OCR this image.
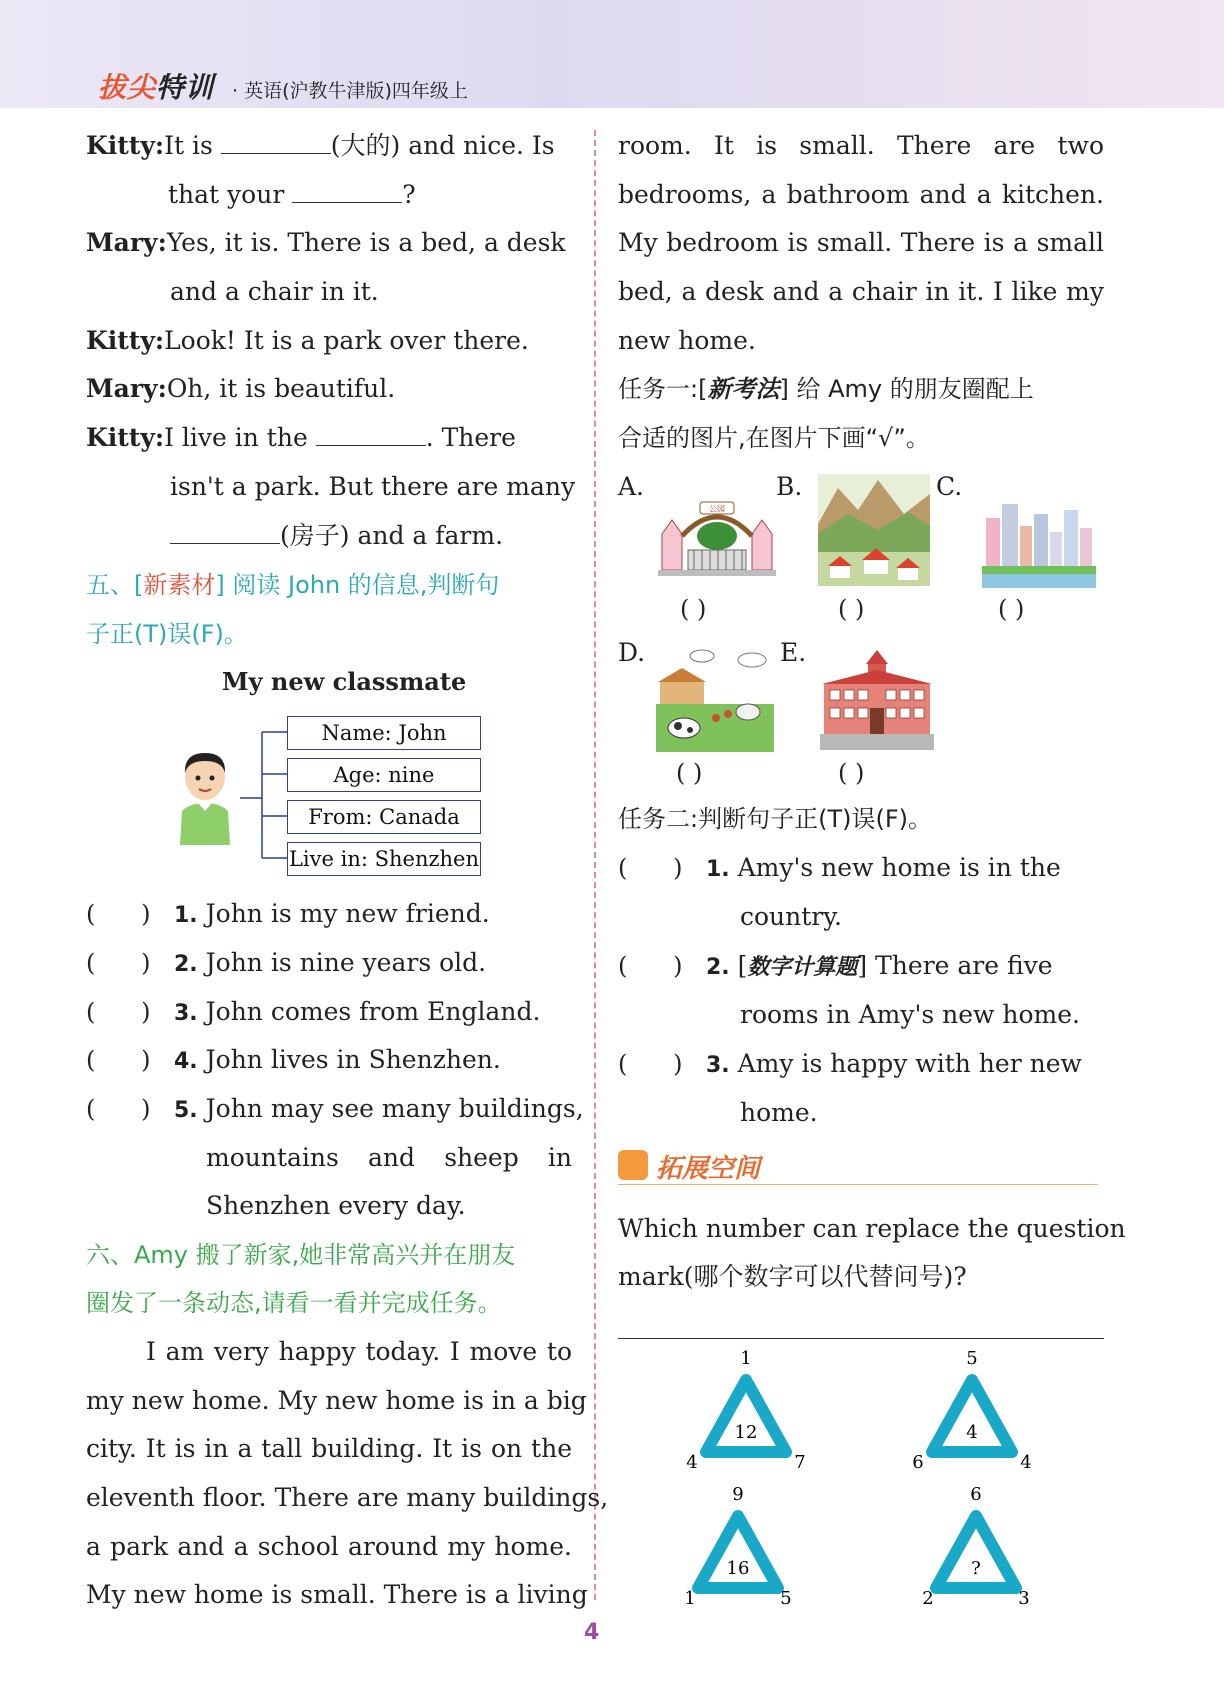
拔尖特训 · 英语(沪教牛津版)四年级上
Kitty:It is	(大的) and nice. Is
that your	?
Mary:Yes, it is. There is a bed, a desk
and a chair in it.
Kitty:Look! It is a park over there.
Mary:Oh, it is beautiful.
Kitty:I live in the	. There
isn't a park. But there are many
(房子) and a farm.
五、[新素材] 阅读 John 的信息,判断句
子正(T)误(F)。
My new classmate
Name: John
Age: nine
From: Canada
Live in: Shenzhen
(      ) 1. John is my new friend.
(      ) 2. John is nine years old.
(      ) 3. John comes from England.
(      ) 4. John lives in Shenzhen.
(      ) 5. John may see many buildings,
mountains and sheep in
Shenzhen every day.
六、Amy 搬了新家,她非常高兴并在朋友
圈发了一条动态,请看一看并完成任务。
I am very happy today. I move to
my new home. My new home is in a big
city. It is in a tall building. It is on the
eleventh floor. There are many buildings,
a park and a school around my home.
My new home is small. There is a living
room. It is small. There are two
bedrooms, a bathroom and a kitchen.
My bedroom is small. There is a small
bed, a desk and a chair in it. I like my
new home.
任务一:[新考法] 给 Amy 的朋友圈配上
合适的图片,在图片下画“√”。
A.
公园
B.	C.
( )	( )	( )
D.	E.
( )	( )
任务二:判断句子正(T)误(F)。
(      ) 1. Amy's new home is in the
country.
(      ) 2. [数字计算题] There are five
rooms in Amy's new home.
(      ) 3. Amy is happy with her new
home.
拓展空间
Which number can replace the question
mark(哪个数字可以代替问号)?
1
4	7
12
5
6	4
4
9
1	5
16
6
2	3
?
4
